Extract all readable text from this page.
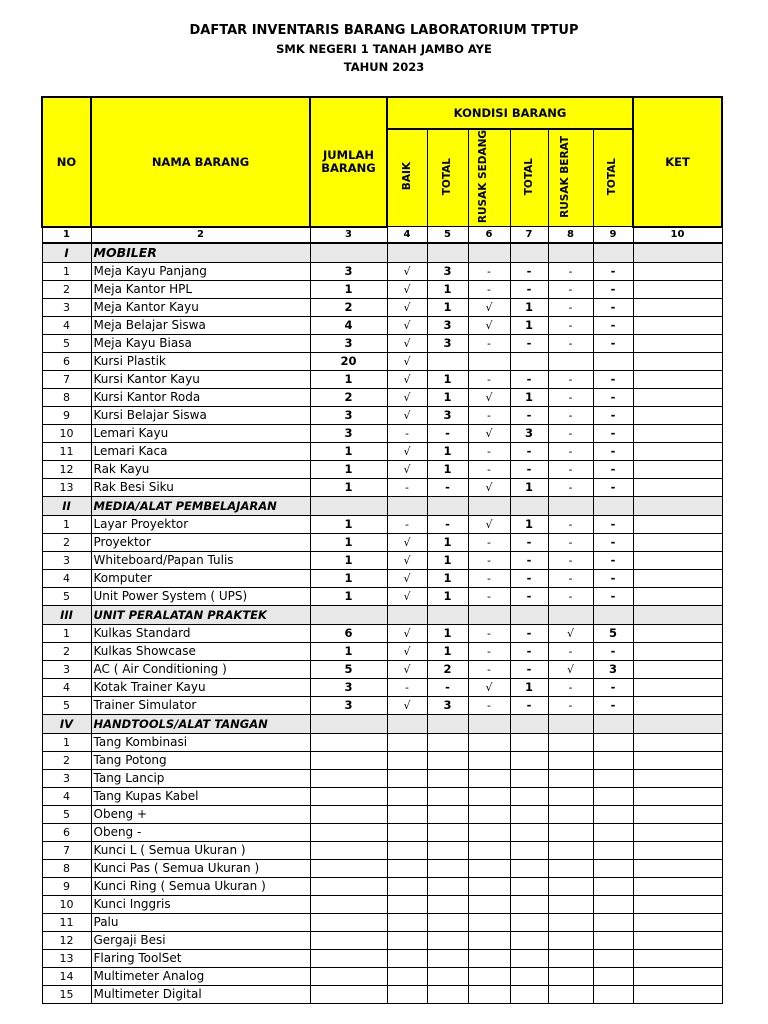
DAFTAR INVENTARIS BARANG LABORATORIUM TPTUP
SMK NEGERI 1 TANAH JAMBO AYE
TAHUN 2023
NO	NAMA BARANG	JUMLAH BARANG	KONDISI BARANG						KET
			BAIK	TOTAL	RUSAK SEDANG	TOTAL	RUSAK BERAT	TOTAL	
1	2	3	4	5	6	7	8	9	10
I	MOBILER								
1	Meja Kayu Panjang	3	√	3	-	-	-	-	
2	Meja Kantor HPL	1	√	1	-	-	-	-	
3	Meja Kantor Kayu	2	√	1	√	1	-	-	
4	Meja Belajar Siswa	4	√	3	√	1	-	-	
5	Meja Kayu Biasa	3	√	3	-	-	-	-	
6	Kursi Plastik	20	√						
7	Kursi Kantor Kayu	1	√	1	-	-	-	-	
8	Kursi Kantor Roda	2	√	1	√	1	-	-	
9	Kursi Belajar Siswa	3	√	3	-	-	-	-	
10	Lemari Kayu	3	-	-	√	3	-	-	
11	Lemari Kaca	1	√	1	-	-	-	-	
12	Rak Kayu	1	√	1	-	-	-	-	
13	Rak Besi Siku	1	-	-	√	1	-	-	
II	MEDIA/ALAT PEMBELAJARAN								
1	Layar Proyektor	1	-	-	√	1	-	-	
2	Proyektor	1	√	1	-	-	-	-	
3	Whiteboard/Papan Tulis	1	√	1	-	-	-	-	
4	Komputer	1	√	1	-	-	-	-	
5	Unit Power System ( UPS)	1	√	1	-	-	-	-	
III	UNIT PERALATAN PRAKTEK								
1	Kulkas Standard	6	√	1	-	-	√	5	
2	Kulkas Showcase	1	√	1	-	-	-	-	
3	AC ( Air Conditioning )	5	√	2	-	-	√	3	
4	Kotak Trainer Kayu	3	-	-	√	1	-	-	
5	Trainer Simulator	3	√	3	-	-	-	-	
IV	HANDTOOLS/ALAT TANGAN								
1	Tang Kombinasi								
2	Tang Potong								
3	Tang Lancip								
4	Tang Kupas Kabel								
5	Obeng +								
6	Obeng -								
7	Kunci L ( Semua Ukuran )								
8	Kunci Pas ( Semua Ukuran )								
9	Kunci Ring ( Semua Ukuran )								
10	Kunci Inggris								
11	Palu								
12	Gergaji Besi								
13	Flaring ToolSet								
14	Multimeter Analog								
15	Multimeter Digital								
